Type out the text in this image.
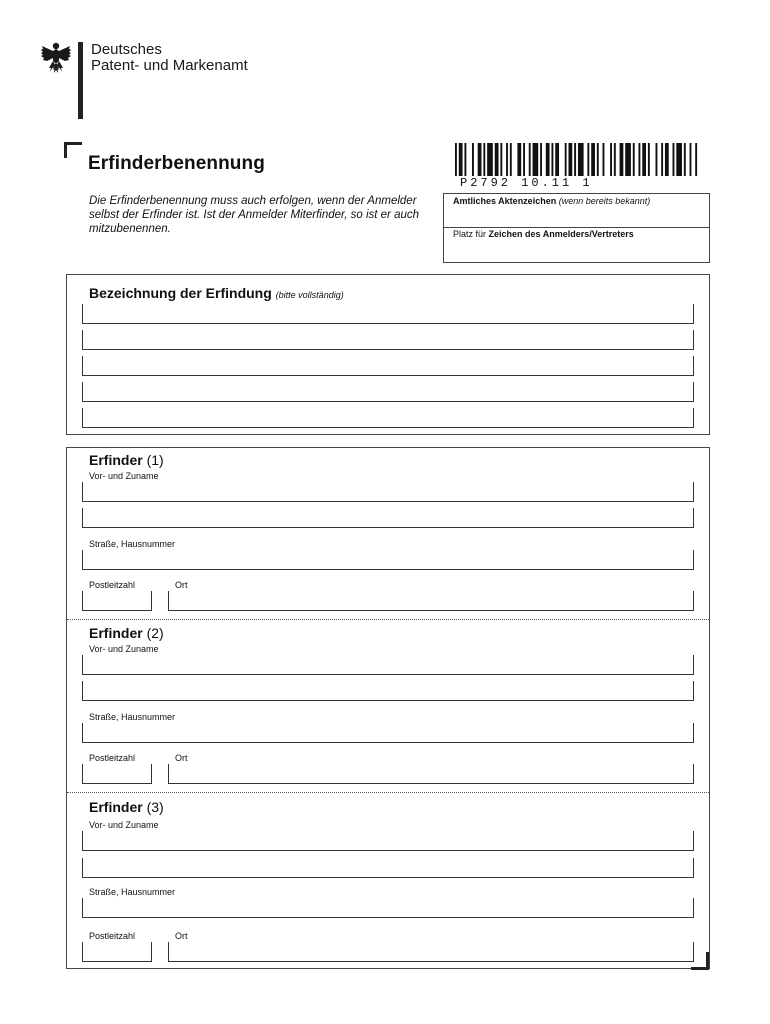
Deutsches
Patent- und Markenamt
Erfinderbenennung
Die Erfinderbenennung muss auch erfolgen, wenn der Anmelder selbst der Erfinder ist. Ist der Anmelder Miterfinder, so ist er auch mitzubenennen.
P2792 10.11 1
Amtliches Aktenzeichen (wenn bereits bekannt)
Platz für Zeichen des Anmelders/Vertreters
Bezeichnung der Erfindung (bitte vollständig)
Erfinder (1)
Vor- und Zuname
Straße, Hausnummer
Postleitzahl	Ort
Erfinder (2)
Vor- und Zuname
Straße, Hausnummer
Postleitzahl	Ort
Erfinder (3)
Vor- und Zuname
Straße, Hausnummer
Postleitzahl	Ort
